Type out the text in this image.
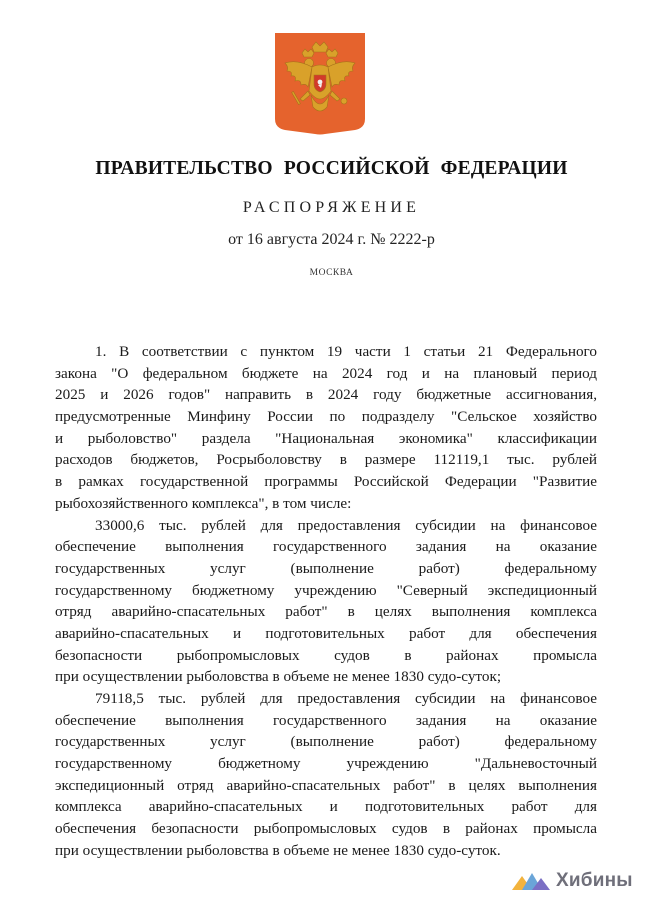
ПРАВИТЕЛЬСТВО РОССИЙСКОЙ ФЕДЕРАЦИИ
РАСПОРЯЖЕНИЕ
от 16 августа 2024 г. № 2222-р
МОСКВА
1. В соответствии с пунктом 19 части 1 статьи 21 Федерального
закона "О федеральном бюджете на 2024 год и на плановый период
2025 и 2026 годов" направить в 2024 году бюджетные ассигнования,
предусмотренные Минфину России по подразделу "Сельское хозяйство
и рыболовство" раздела "Национальная экономика" классификации
расходов бюджетов, Росрыболовству в размере 112119,1 тыс. рублей
в рамках государственной программы Российской Федерации "Развитие
рыбохозяйственного комплекса", в том числе:
33000,6 тыс. рублей для предоставления субсидии на финансовое
обеспечение выполнения государственного задания на оказание
государственных услуг (выполнение работ) федеральному
государственному бюджетному учреждению "Северный экспедиционный
отряд аварийно-спасательных работ" в целях выполнения комплекса
аварийно-спасательных и подготовительных работ для обеспечения
безопасности рыбопромысловых судов в районах промысла
при осуществлении рыболовства в объеме не менее 1830 судо-суток;
79118,5 тыс. рублей для предоставления субсидии на финансовое
обеспечение выполнения государственного задания на оказание
государственных услуг (выполнение работ) федеральному
государственному бюджетному учреждению "Дальневосточный
экспедиционный отряд аварийно-спасательных работ" в целях выполнения
комплекса аварийно-спасательных и подготовительных работ для
обеспечения безопасности рыбопромысловых судов в районах промысла
при осуществлении рыболовства в объеме не менее 1830 судо-суток.
Хибины
